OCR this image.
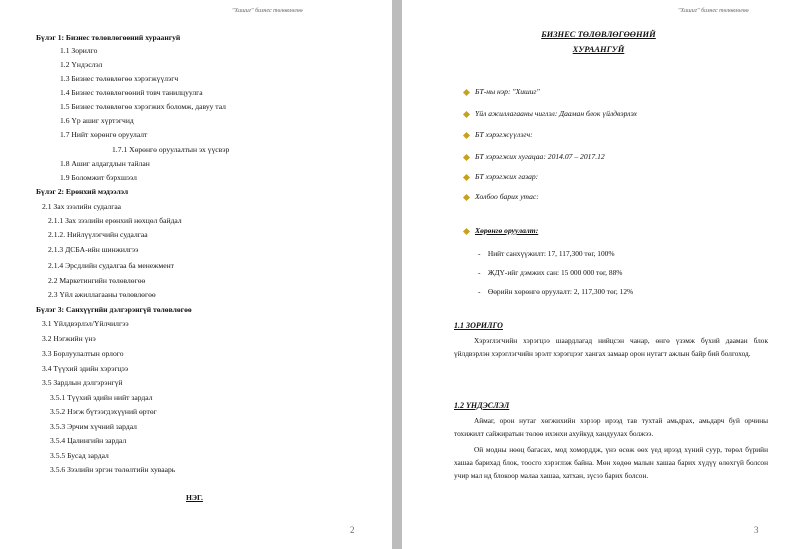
"Хишиг" бизнес төлөвлөгөө
Бүлэг 1: Бизнес төлөвлөгөөний хураангуй
1.1 Зорилго
1.2 Үндэслэл
1.3 Бизнес төлөвлөгөө хэрэгжүүлэгч
1.4 Бизнес төлөвлөгөөний товч танилцуулга
1.5 Бизнес төлөвлөгөө хэрэгжих боломж, давуу тал
1.6 Үр ашиг хүртэгчид
1.7 Нийт хөрөнгө оруулалт
1.7.1 Хөрөнгө оруулалтын эх үүсвэр
1.8 Ашиг алдагдлын тайлан
1.9 Боломжит бэрхшээл
Бүлэг 2: Ерөнхий мэдээлэл
2.1 Зах зээлийн судалгаа
2.1.1 Зах зээлийн ерөнхий нөхцөл байдал
2.1.2. Нийлүүлэгчийн судалгаа
2.1.3 ДСБА-ийн шинжилгээ
2.1.4 Эрсдлийн судалгаа ба менежмент
2.2 Маркетингийн төлөвлөгөө
2.3 Үйл ажиллагааны төлөвлөгөө
Бүлэг 3: Санхүүгийн дэлгэрэнгүй төлөвлөгөө
3.1 Үйлдвэрлэл/Үйлчилгээ
3.2 Нэгжийн үнэ
3.3 Борлуулалтын орлого
3.4 Түүхий эдийн хэрэгцээ
3.5 Зардлын дэлгэрэнгүй
3.5.1 Түүхий эдийн нийт зардал
3.5.2 Нэгж бүтээгдэхүүний өртөг
3.5.3 Эрчим хүчний зардал
3.5.4 Цалингийн зардал
3.5.5 Бусад зардал
3.5.6 Зээлийн эргэн төлөлтийн хуваарь
НЭГ.
2
"Хишиг" бизнес төлөвлөгөө
БИЗНЕС ТӨЛӨВЛӨГӨӨНИЙ
ХУРААНГУЙ
БТ-ны нэр: "Хишиг"
Үйл ажиллагааны чиглэл: Дааман блок үйлдвэрлэх
БТ хэрэгжүүлэгч:
БТ хэрэгжих хугацаа: 2014.07 – 2017.12
БТ хэрэгжих газар:
Холбоо барих утас:
Хөрөнгө оруулалт:
-    Нийт санхүүжилт: 17, 117,300 төг, 100%
-    ЖДҮ-ийг дэмжих сан: 15 000 000 төг, 88%
-    Өөрийн хөрөнгө оруулалт: 2, 117,300 төг, 12%
1.1 ЗОРИЛГО
Хэрэглэгчийн хэрэгцээ шаардлагад нийцсэн чанар, өнгө үзэмж бүхий дааман блок үйлдвэрлэн хэрэглэгчийн эрэлт хэрэгцээг хангах замаар орон нутагт ажлын байр бий болгоход.
1.2 ҮНДЭСЛЭЛ
Аймаг, орон нутаг хөгжихийн хэрээр ирээд тав тухтай амьдрах, амьдарч буй орчины тохижилт сайжиратын төлөө ихэнхи ахуйкуд хандуулах болжээ.
Ой модны нөөц багасах, мод хоморддж, үнэ өсөж өөх үед ирээд хүний суур, төрөл бүрийн хашаа барихад блок, тоосго хэрэглэж байна. Мөн хөдөө малын хашаа барих хүдүү өлөхгүй болсон учир мал нд блокоор малаа хашаа, хатхан, зүсээ барих болсон.
3
